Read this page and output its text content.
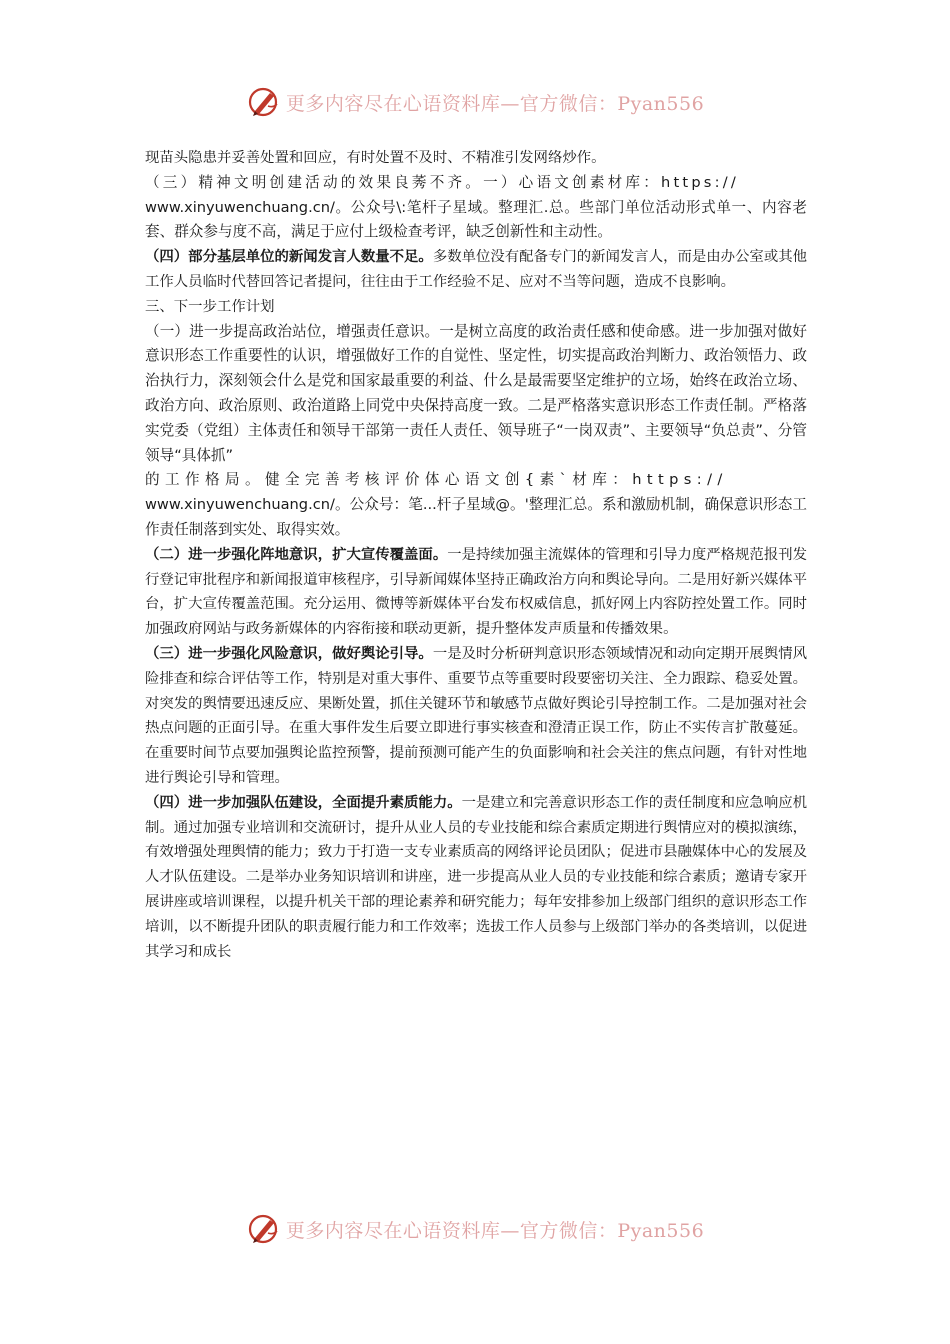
更多内容尽在心语资料库—官方微信：Pyan556

现苗头隐患并妥善处置和回应，有时处置不及时、不精准引发网络炒作。

（三）精神文明创建活动的效果良莠不齐。一）心语文创素材库：https://
www.xinyuwenchuang.cn/。公众号\:笔杆子星域。整理汇.总。些部门单位活动形式单一、内容老套、群众参与度不高，满足于应付上级检查考评，缺乏创新性和主动性。

（四）部分基层单位的新闻发言人数量不足。多数单位没有配备专门的新闻发言人，而是由办公室或其他工作人员临时代替回答记者提问，往往由于工作经验不足、应对不当等问题，造成不良影响。

三、下一步工作计划

（一）进一步提高政治站位，增强责任意识。一是树立高度的政治责任感和使命感。进一步加强对做好意识形态工作重要性的认识，增强做好工作的自觉性、坚定性，切实提高政治判断力、政治领悟力、政治执行力，深刻领会什么是党和国家最重要的利益、什么是最需要坚定维护的立场，始终在政治立场、政治方向、政治原则、政治道路上同党中央保持高度一致。二是严格落实意识形态工作责任制。严格落实党委（党组）主体责任和领导干部第一责任人责任、领导班子“一岗双责”、主要领导“负总责”、分管领导“具体抓”
的工作格局。健全完善考核评价体心语文创{素`材库：https://
www.xinyuwenchuang.cn/。公众号：笔...杆子星域@。'整理汇总。系和激励机制，确保意识形态工作责任制落到实处、取得实效。

（二）进一步强化阵地意识，扩大宣传覆盖面。一是持续加强主流媒体的管理和引导力度严格规范报刊发行登记审批程序和新闻报道审核程序，引导新闻媒体坚持正确政治方向和舆论导向。二是用好新兴媒体平台，扩大宣传覆盖范围。充分运用、微博等新媒体平台发布权威信息，抓好网上内容防控处置工作。同时加强政府网站与政务新媒体的内容衔接和联动更新，提升整体发声质量和传播效果。

（三）进一步强化风险意识，做好舆论引导。一是及时分析研判意识形态领域情况和动向定期开展舆情风险排查和综合评估等工作，特别是对重大事件、重要节点等重要时段要密切关注、全力跟踪、稳妥处置。对突发的舆情要迅速反应、果断处置，抓住关键环节和敏感节点做好舆论引导控制工作。二是加强对社会热点问题的正面引导。在重大事件发生后要立即进行事实核查和澄清正误工作，防止不实传言扩散蔓延。在重要时间节点要加强舆论监控预警，提前预测可能产生的负面影响和社会关注的焦点问题，有针对性地进行舆论引导和管理。

（四）进一步加强队伍建设，全面提升素质能力。一是建立和完善意识形态工作的责任制度和应急响应机制。通过加强专业培训和交流研讨，提升从业人员的专业技能和综合素质定期进行舆情应对的模拟演练，有效增强处理舆情的能力；致力于打造一支专业素质高的网络评论员团队；促进市县融媒体中心的发展及人才队伍建设。二是举办业务知识培训和讲座，进一步提高从业人员的专业技能和综合素质；邀请专家开展讲座或培训课程，以提升机关干部的理论素养和研究能力；每年安排参加上级部门组织的意识形态工作培训，以不断提升团队的职责履行能力和工作效率；选拔工作人员参与上级部门举办的各类培训，以促进其学习和成长

更多内容尽在心语资料库—官方微信：Pyan556
